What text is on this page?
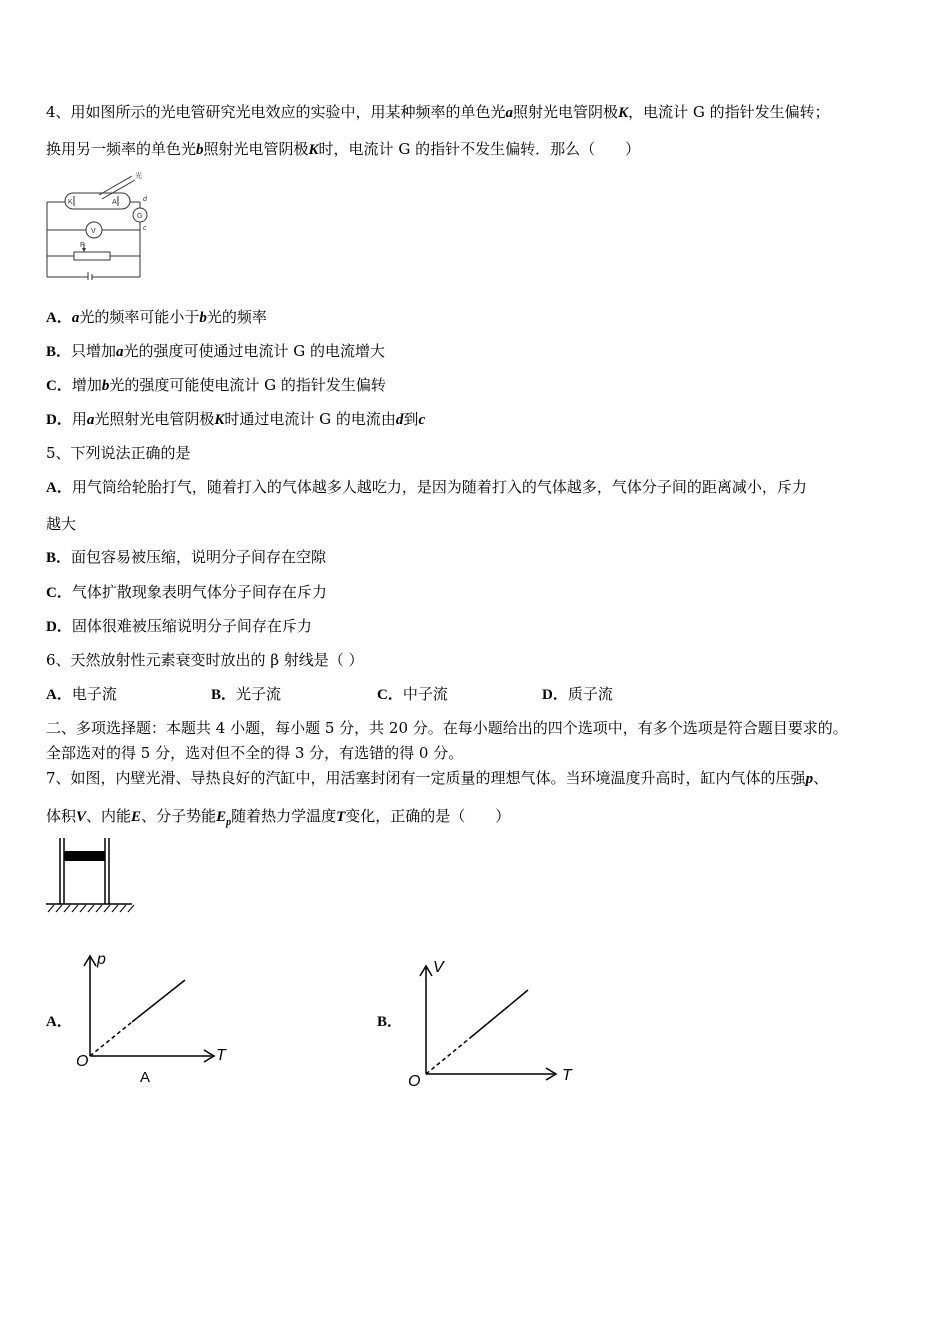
4、用如图所示的光电管研究光电效应的实验中，用某种频率的单色光a照射光电管阴极K，电流计 G 的指针发生偏转；
换用另一频率的单色光b照射光电管阴极K时，电流计 G 的指针不发生偏转．那么（　　）
K	A
光
G
V
P
d
c
A．a光的频率可能小于b光的频率
B．只增加a光的强度可使通过电流计 G 的电流增大
C．增加b光的强度可能使电流计 G 的指针发生偏转
D．用a光照射光电管阴极K时通过电流计 G 的电流由d到c
5、下列说法正确的是
A．用气筒给轮胎打气，随着打入的气体越多人越吃力，是因为随着打入的气体越多，气体分子间的距离减小，斥力
越大
B．面包容易被压缩，说明分子间存在空隙
C．气体扩散现象表明气体分子间存在斥力
D．固体很难被压缩说明分子间存在斥力
6、天然放射性元素衰变时放出的 β 射线是（ ）
A．电子流	B．光子流	C．中子流	D．质子流
二、多项选择题：本题共 4 小题，每小题 5 分，共 20 分。在每小题给出的四个选项中，有多个选项是符合题目要求的。
全部选对的得 5 分，选对但不全的得 3 分，有选错的得 0 分。
7、如图，内壁光滑、导热良好的汽缸中，用活塞封闭有一定质量的理想气体。当环境温度升高时，缸内气体的压强p、
体积V、内能E、分子势能$E_p$随着热力学温度T变化，正确的是（　　）
A．
p
T
O
A
B．
V
T
O
